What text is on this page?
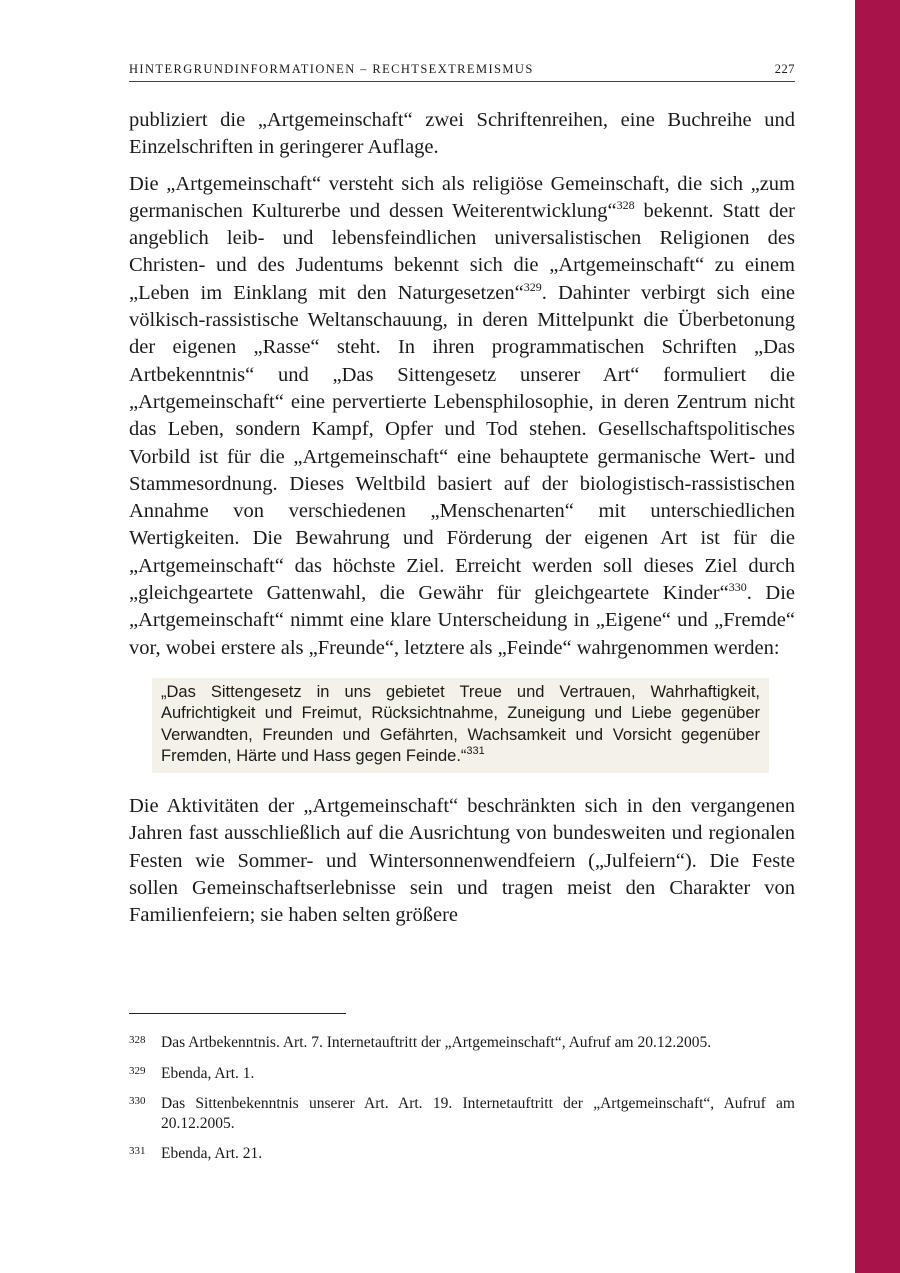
HINTERGRUNDINFORMATIONEN – RECHTSEXTREMISMUS	227

publiziert die „Artgemeinschaft“ zwei Schriftenreihen, eine Buchreihe und Einzelschriften in geringerer Auflage.

Die „Artgemeinschaft“ versteht sich als religiöse Gemeinschaft, die sich „zum germanischen Kulturerbe und dessen Weiterentwicklung“$^{328}$ bekennt. Statt der angeblich leib- und lebensfeindlichen universalistischen Religionen des Christen- und des Judentums bekennt sich die „Artgemeinschaft“ zu einem „Leben im Einklang mit den Naturgesetzen“$^{329}$. Dahinter verbirgt sich eine völkisch-rassistische Weltanschauung, in deren Mittelpunkt die Überbetonung der eigenen „Rasse“ steht. In ihren programmatischen Schriften „Das Artbekenntnis“ und „Das Sittengesetz unserer Art“ formuliert die „Artgemeinschaft“ eine pervertierte Lebensphilosophie, in deren Zentrum nicht das Leben, sondern Kampf, Opfer und Tod stehen. Gesellschaftspolitisches Vorbild ist für die „Artgemeinschaft“ eine behauptete germanische Wert- und Stammesordnung. Dieses Weltbild basiert auf der biologistisch-rassistischen Annahme von verschiedenen „Menschenarten“ mit unterschiedlichen Wertigkeiten. Die Bewahrung und Förderung der eigenen Art ist für die „Artgemeinschaft“ das höchste Ziel. Erreicht werden soll dieses Ziel durch „gleichgeartete Gattenwahl, die Gewähr für gleichgeartete Kinder“$^{330}$. Die „Artgemeinschaft“ nimmt eine klare Unterscheidung in „Eigene“ und „Fremde“ vor, wobei erstere als „Freunde“, letztere als „Feinde“ wahrgenommen werden:

„Das Sittengesetz in uns gebietet Treue und Vertrauen, Wahrhaftigkeit, Aufrichtigkeit und Freimut, Rücksichtnahme, Zuneigung und Liebe gegenüber Verwandten, Freunden und Gefährten, Wachsamkeit und Vorsicht gegenüber Fremden, Härte und Hass gegen Feinde.“$^{331}$

Die Aktivitäten der „Artgemeinschaft“ beschränkten sich in den vergangenen Jahren fast ausschließlich auf die Ausrichtung von bundesweiten und regionalen Festen wie Sommer- und Wintersonnenwendfeiern („Julfeiern“). Die Feste sollen Gemeinschaftserlebnisse sein und tragen meist den Charakter von Familienfeiern; sie haben selten größere

328	Das Artbekenntnis. Art. 7. Internetauftritt der „Artgemeinschaft“, Aufruf am 20.12.2005.
329	Ebenda, Art. 1.
330	Das Sittenbekenntnis unserer Art. Art. 19. Internetauftritt der „Artgemeinschaft“, Aufruf am 20.12.2005.
331	Ebenda, Art. 21.
